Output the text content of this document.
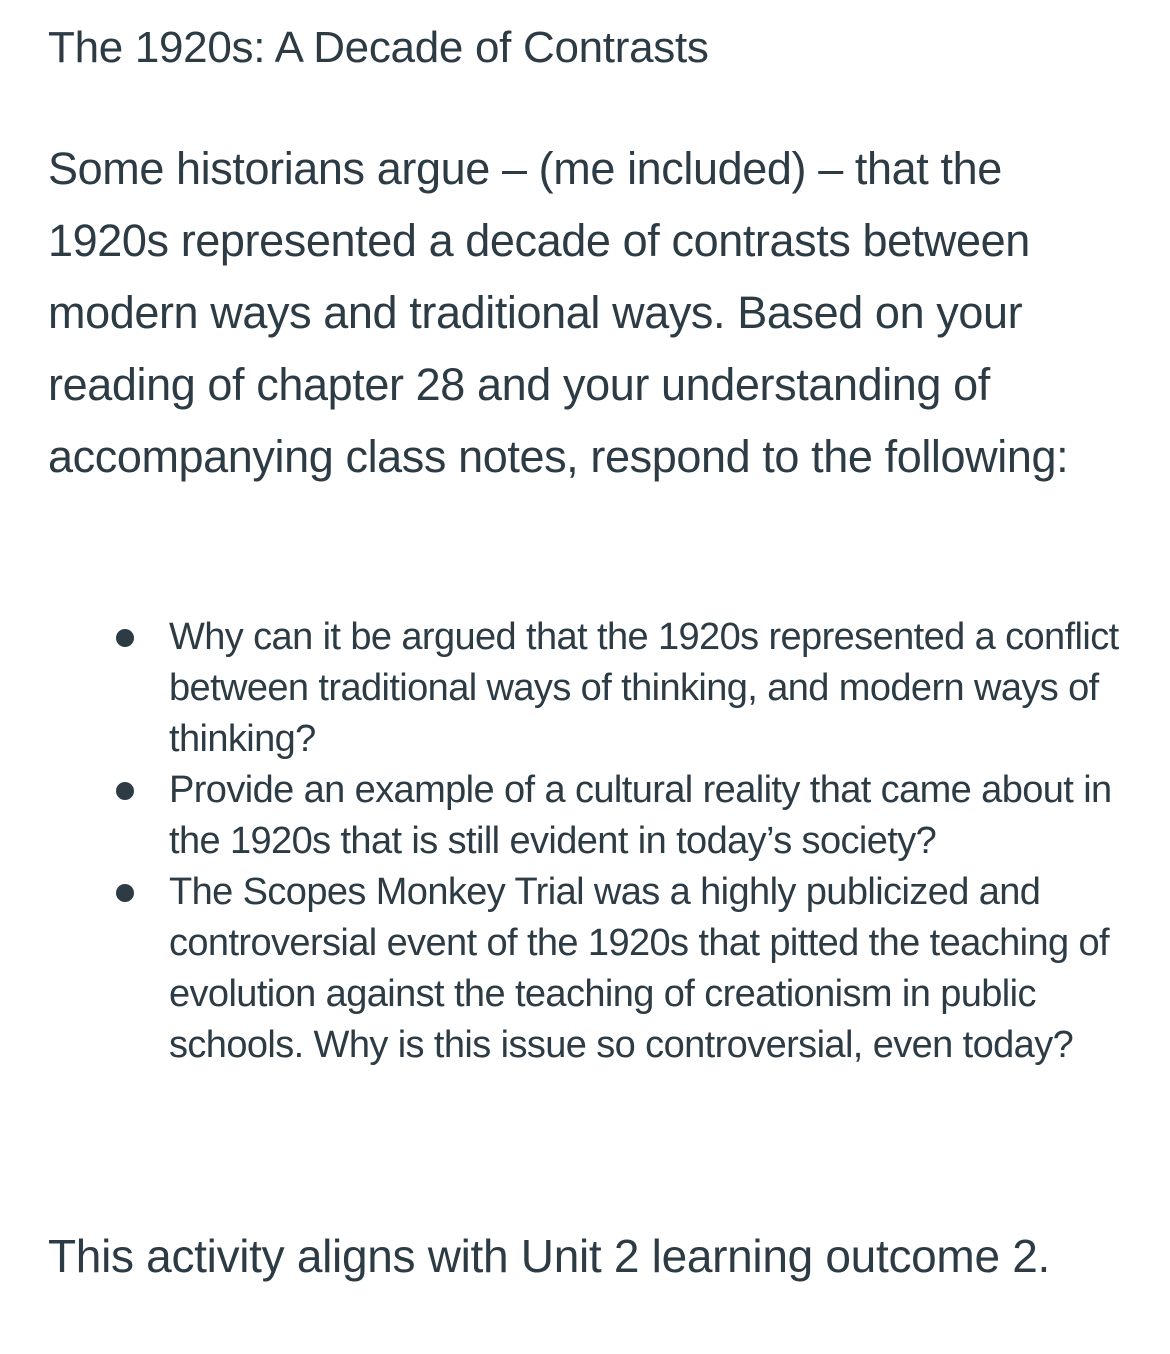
The 1920s: A Decade of Contrasts

Some historians argue – (me included) – that the 1920s represented a decade of contrasts between modern ways and traditional ways. Based on your reading of chapter 28 and your understanding of accompanying class notes, respond to the following:

Why can it be argued that the 1920s represented a conflict between traditional ways of thinking, and modern ways of thinking?
Provide an example of a cultural reality that came about in the 1920s that is still evident in today’s society?
The Scopes Monkey Trial was a highly publicized and controversial event of the 1920s that pitted the teaching of evolution against the teaching of creationism in public schools. Why is this issue so controversial, even today?

This activity aligns with Unit 2 learning outcome 2.
